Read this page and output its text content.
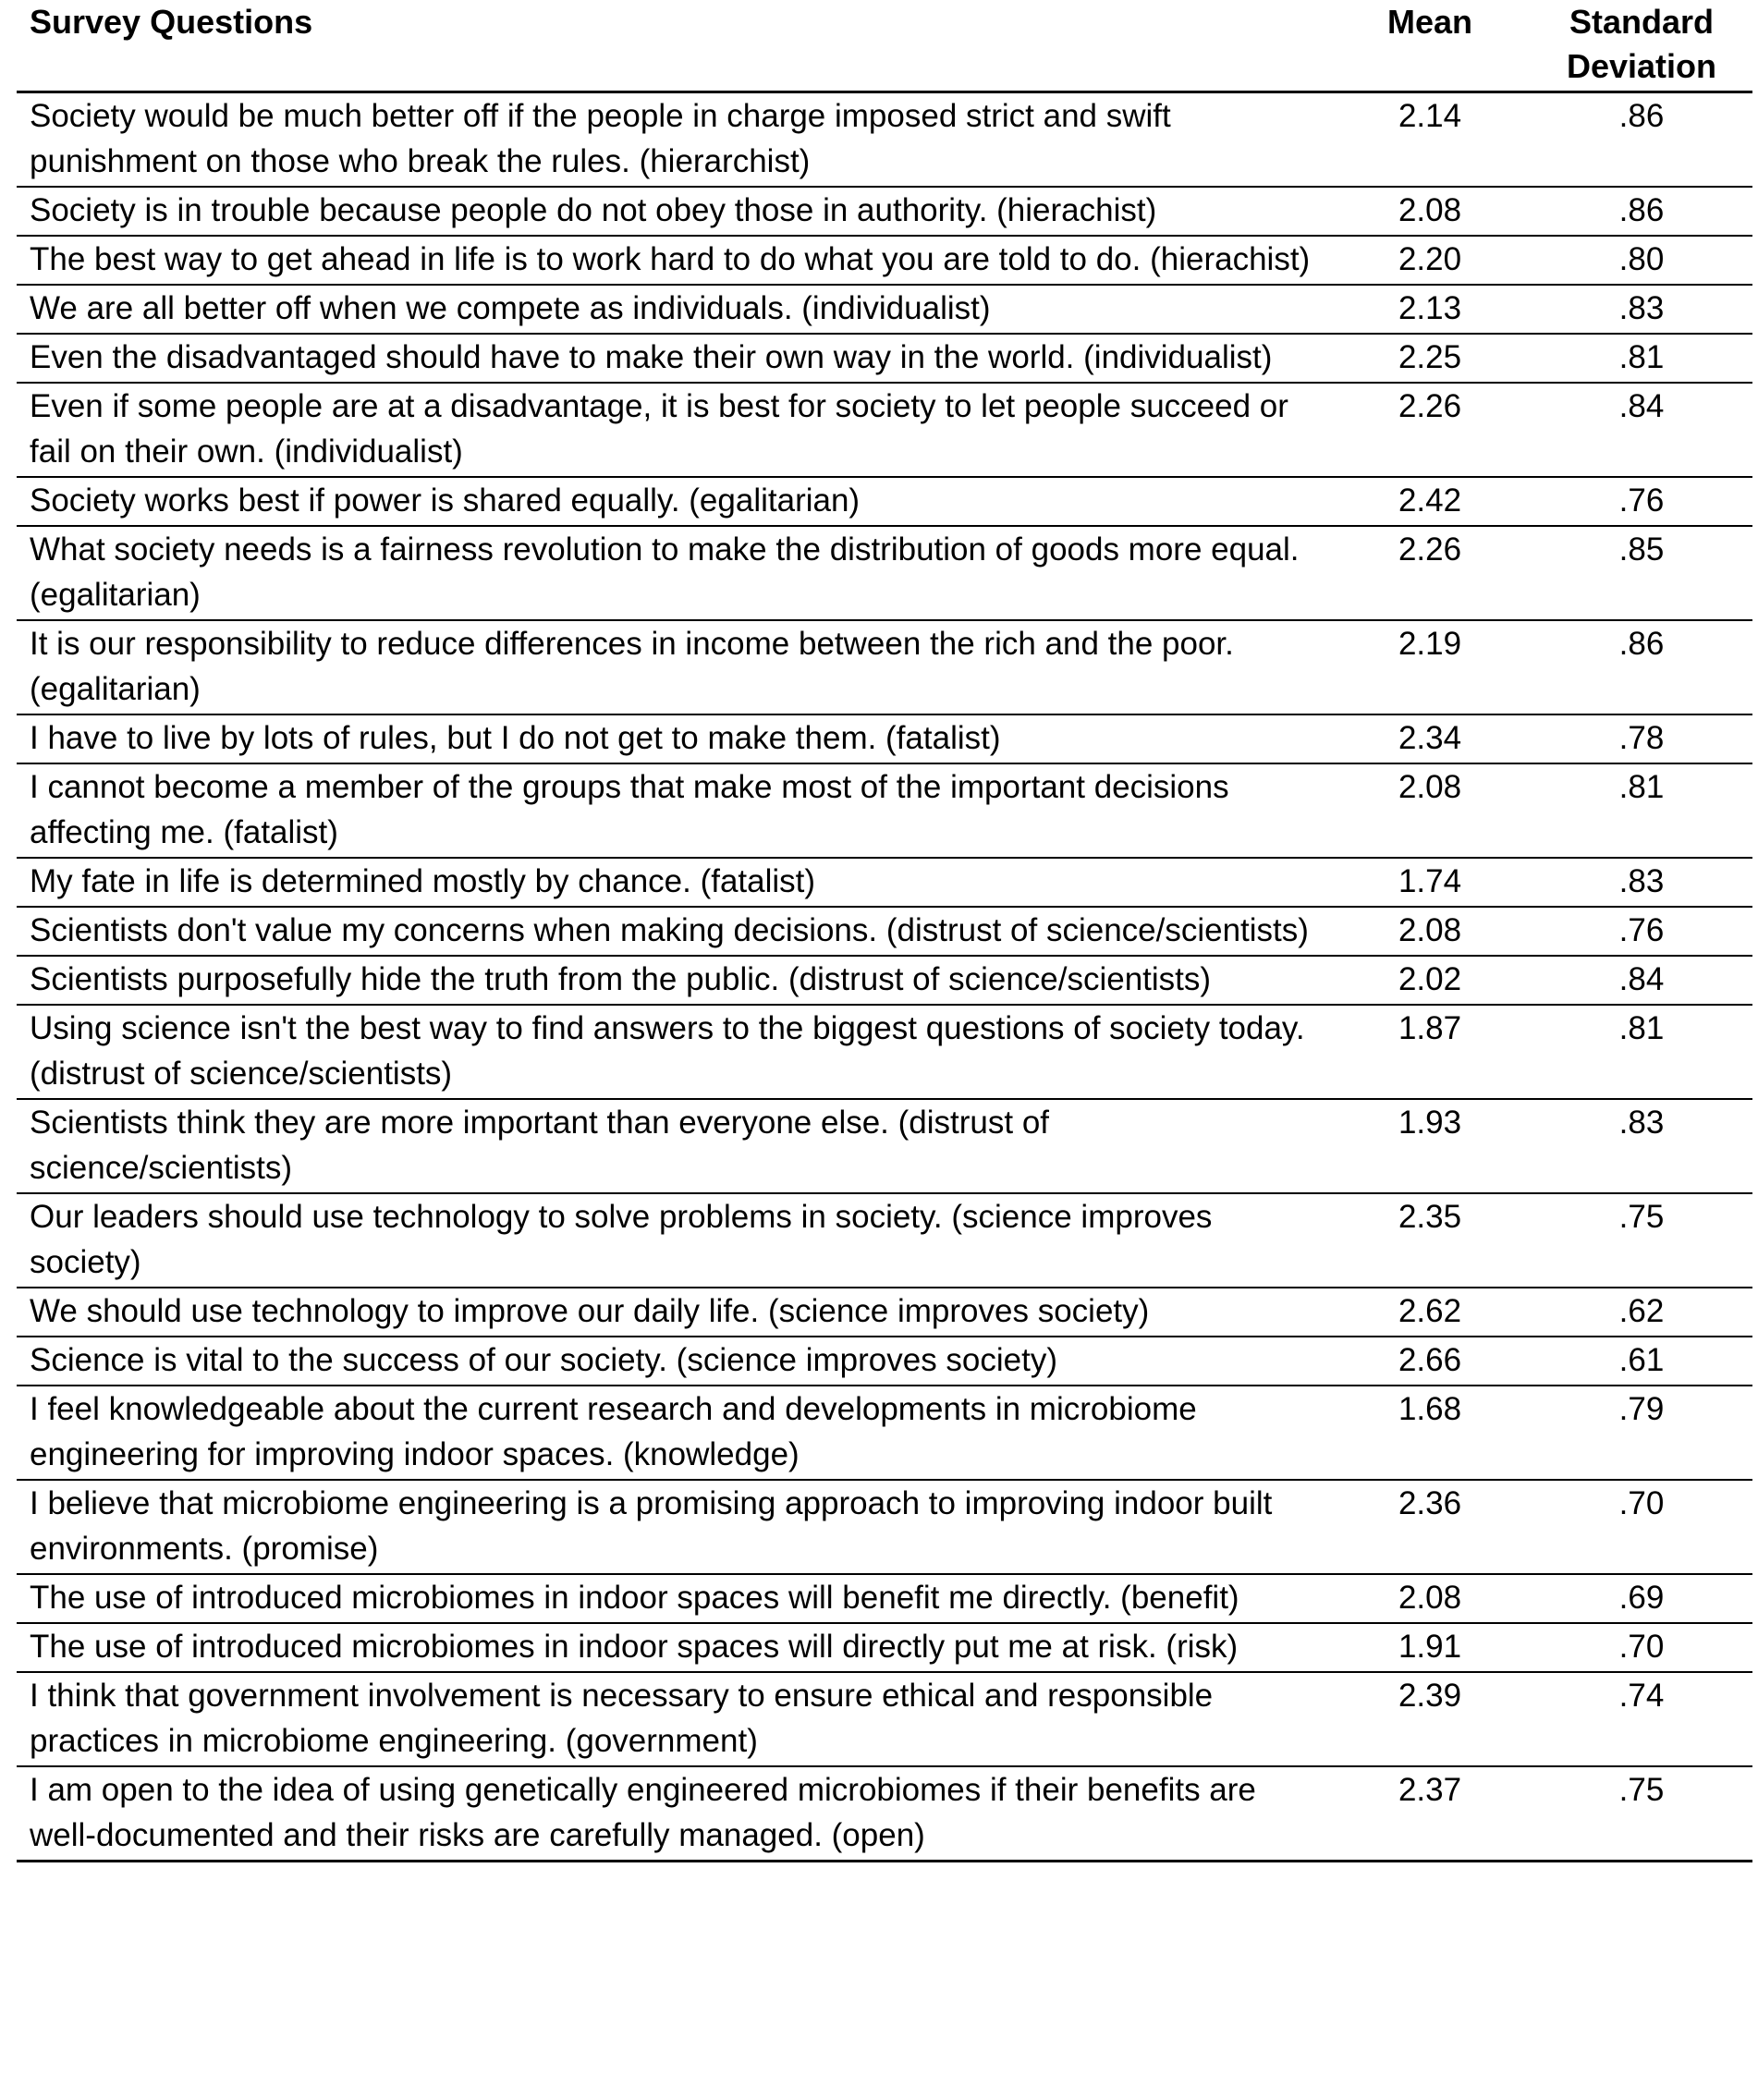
Survey Questions	Mean	Standard Deviation
Society would be much better off if the people in charge imposed strict and swift punishment on those who break the rules. (hierarchist)	2.14	.86
Society is in trouble because people do not obey those in authority. (hierachist)	2.08	.86
The best way to get ahead in life is to work hard to do what you are told to do. (hierachist)	2.20	.80
We are all better off when we compete as individuals. (individualist)	2.13	.83
Even the disadvantaged should have to make their own way in the world. (individualist)	2.25	.81
Even if some people are at a disadvantage, it is best for society to let people succeed or fail on their own. (individualist)	2.26	.84
Society works best if power is shared equally. (egalitarian)	2.42	.76
What society needs is a fairness revolution to make the distribution of goods more equal. (egalitarian)	2.26	.85
It is our responsibility to reduce differences in income between the rich and the poor. (egalitarian)	2.19	.86
I have to live by lots of rules, but I do not get to make them. (fatalist)	2.34	.78
I cannot become a member of the groups that make most of the important decisions affecting me. (fatalist)	2.08	.81
My fate in life is determined mostly by chance. (fatalist)	1.74	.83
Scientists don't value my concerns when making decisions. (distrust of science/scientists)	2.08	.76
Scientists purposefully hide the truth from the public. (distrust of science/scientists)	2.02	.84
Using science isn't the best way to find answers to the biggest questions of society today. (distrust of science/scientists)	1.87	.81
Scientists think they are more important than everyone else. (distrust of science/scientists)	1.93	.83
Our leaders should use technology to solve problems in society. (science improves society)	2.35	.75
We should use technology to improve our daily life. (science improves society)	2.62	.62
Science is vital to the success of our society. (science improves society)	2.66	.61
I feel knowledgeable about the current research and developments in microbiome engineering for improving indoor spaces. (knowledge)	1.68	.79
I believe that microbiome engineering is a promising approach to improving indoor built environments. (promise)	2.36	.70
The use of introduced microbiomes in indoor spaces will benefit me directly. (benefit)	2.08	.69
The use of introduced microbiomes in indoor spaces will directly put me at risk. (risk)	1.91	.70
I think that government involvement is necessary to ensure ethical and responsible practices in microbiome engineering. (government)	2.39	.74
I am open to the idea of using genetically engineered microbiomes if their benefits are well-documented and their risks are carefully managed. (open)	2.37	.75
